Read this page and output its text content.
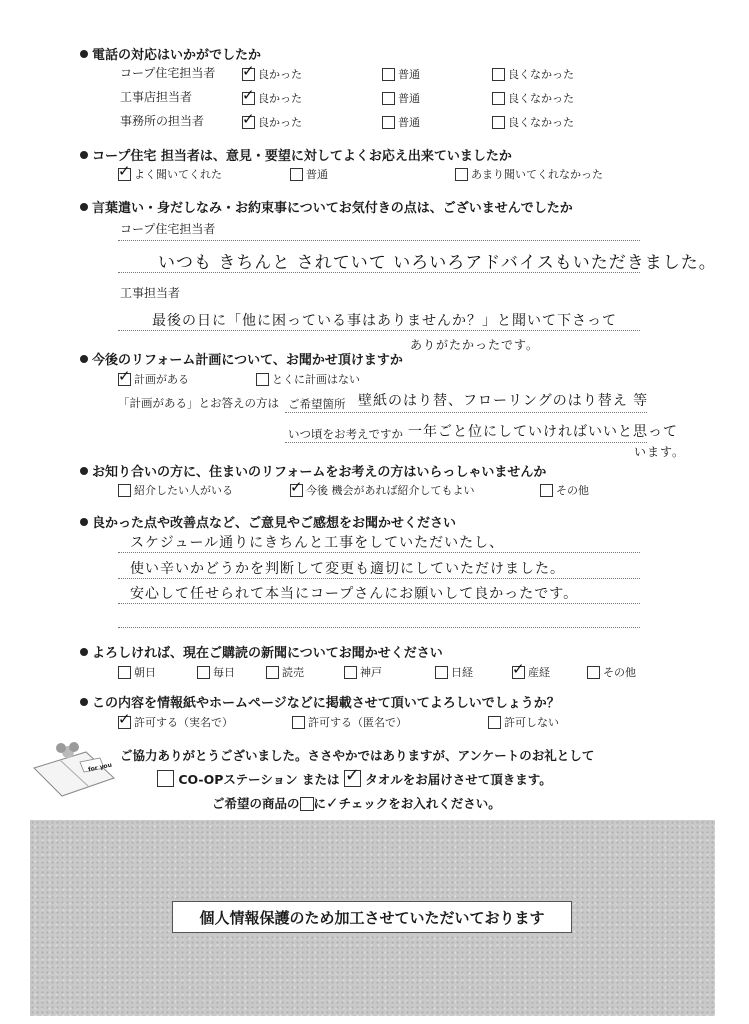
電話の対応はいかがでしたか
コープ住宅担当者 ✓	良かった	普通	良くなかった
工事店担当者 ✓	良かった	普通	良くなかった
事務所の担当者 ✓	良かった	普通	良くなかった
コープ住宅 担当者は、意見・要望に対してよくお応え出来ていましたか
✓
よく聞いてくれた	普通	あまり聞いてくれなかった
言葉遣い・身だしなみ・お約束事についてお気付きの点は、ございませんでしたか
コープ住宅担当者
いつも きちんと されていて いろいろアドバイスもいただきました。
工事担当者
最後の日に「他に困っている事はありませんか？」と聞いて下さって
ありがたかったです。
今後のリフォーム計画について、お聞かせ頂けますか
✓
計画がある	とくに計画はない
「計画がある」とお答えの方は ご希望箇所 壁紙のはり替、フローリングのはり替え 等
いつ頃をお考えですか 一年ごと位にしていければいいと思って
います。
お知り合いの方に、住まいのリフォームをお考えの方はいらっしゃいませんか
紹介したい人がいる ✓	今後 機会があれば紹介してもよい	その他
良かった点や改善点など、ご意見やご感想をお聞かせください
スケジュール通りにきちんと工事をしていただいたし、
使い辛いかどうかを判断して変更も適切にしていただけました。
安心して任せられて本当にコープさんにお願いして良かったです。
よろしければ、現在ご購読の新聞についてお聞かせください
朝日	毎日	読売	神戸	日経 ✓	産経	その他
この内容を情報紙やホームページなどに掲載させて頂いてよろしいでしょうか？
✓
許可する（実名で）	許可する（匿名で）	許可しない
for you
ご協力ありがとうございました。ささやかではありますが、アンケートのお礼として
CO-OPステーション または ✓ タオルをお届けさせて頂きます。
ご希望の商品の に✓チェックをお入れください。
個人情報保護のため加工させていただいております
